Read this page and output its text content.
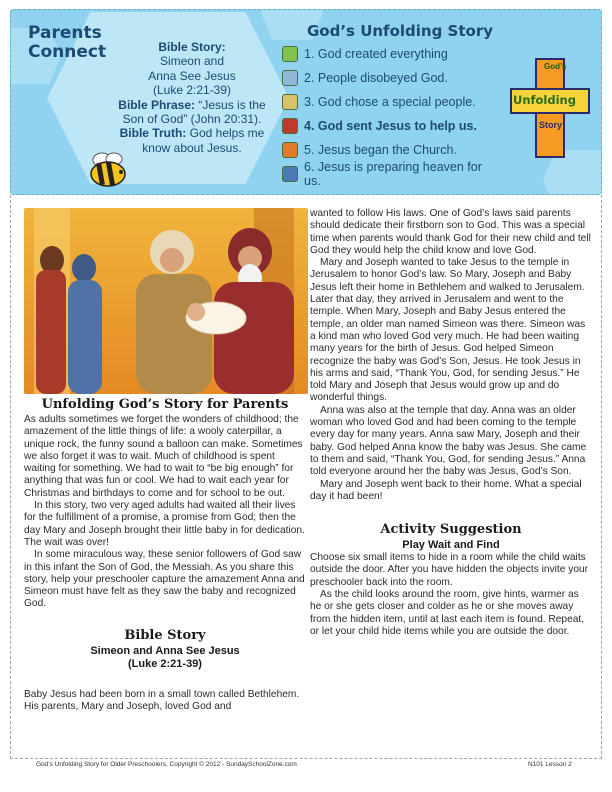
Parents Connect	Bible Story:
Simeon and
Anna See Jesus
(Luke 2:21-39)
Bible Phrase: “Jesus is the Son of God” (John 20:31).
Bible Truth: God helps me know about Jesus.
God’s Unfolding Story
1. God created everything
2. People disobeyed God.
3. God chose a special people.
4. God sent Jesus to help us.
5. Jesus began the Church.
6. Jesus is preparing heaven for us.
God’s
Unfolding
Story
Unfolding God’s Story for Parents

As adults sometimes we forget the wonders of childhood; the amazement of the little things of life: a wooly caterpillar, a unique rock, the funny sound a balloon can make. Sometimes we also forget it was to wait. Much of childhood is spent waiting for something. We had to wait to “be big enough” for anything that was fun or cool. We had to wait each year for Christmas and birthdays to come and for school to be out.

In this story, two very aged adults had waited all their lives for the fulfillment of a promise, a promise from God; then the day Mary and Joseph brought their little baby in for dedication. The wait was over!

In some miraculous way, these senior followers of God saw in this infant the Son of God, the Messiah. As you share this story, help your preschooler capture the amazement Anna and Simeon must have felt as they saw the baby and recognized God.

Bible Story
Simeon and Anna See Jesus
(Luke 2:21-39)

Baby Jesus had been born in a small town called Bethlehem. His parents, Mary and Joseph, loved God and

wanted to follow His laws. One of God’s laws said parents should dedicate their firstborn son to God. This was a special time when parents would thank God for their new child and tell God they would help the child know and love God.

Mary and Joseph wanted to take Jesus to the temple in Jerusalem to honor God’s law. So Mary, Joseph and Baby Jesus left their home in Bethlehem and walked to Jerusalem. Later that day, they arrived in Jerusalem and went to the temple. When Mary, Joseph and Baby Jesus entered the temple, an older man named Simeon was there. Simeon was a kind man who loved God very much. He had been waiting many years for the birth of Jesus. God helped Simeon recognize the baby was God’s Son, Jesus. He took Jesus in his arms and said, “Thank You, God, for sending Jesus.” He told Mary and Joseph that Jesus would grow up and do wonderful things.

Anna was also at the temple that day. Anna was an older woman who loved God and had been coming to the temple every day for many years. Anna saw Mary, Joseph and their baby. God helped Anna know the baby was Jesus. She came to them and said, “Thank You, God, for sending Jesus.” Anna told everyone around her the baby was Jesus, God’s Son.

Mary and Joseph went back to their home. What a special day it had been!

Activity Suggestion
Play Wait and Find

Choose six small items to hide in a room while the child waits outside the door. After you have hidden the objects invite your preschooler back into the room.

As the child looks around the room, give hints, warmer as he or she gets closer and colder as he or she moves away from the hidden item, until at last each item is found. Repeat, or let your child hide items while you are outside the door.

God’s Unfolding Story for Older Preschoolers, Copyright © 2012 - SundaySchoolZone.com	N101 Lesson 2
